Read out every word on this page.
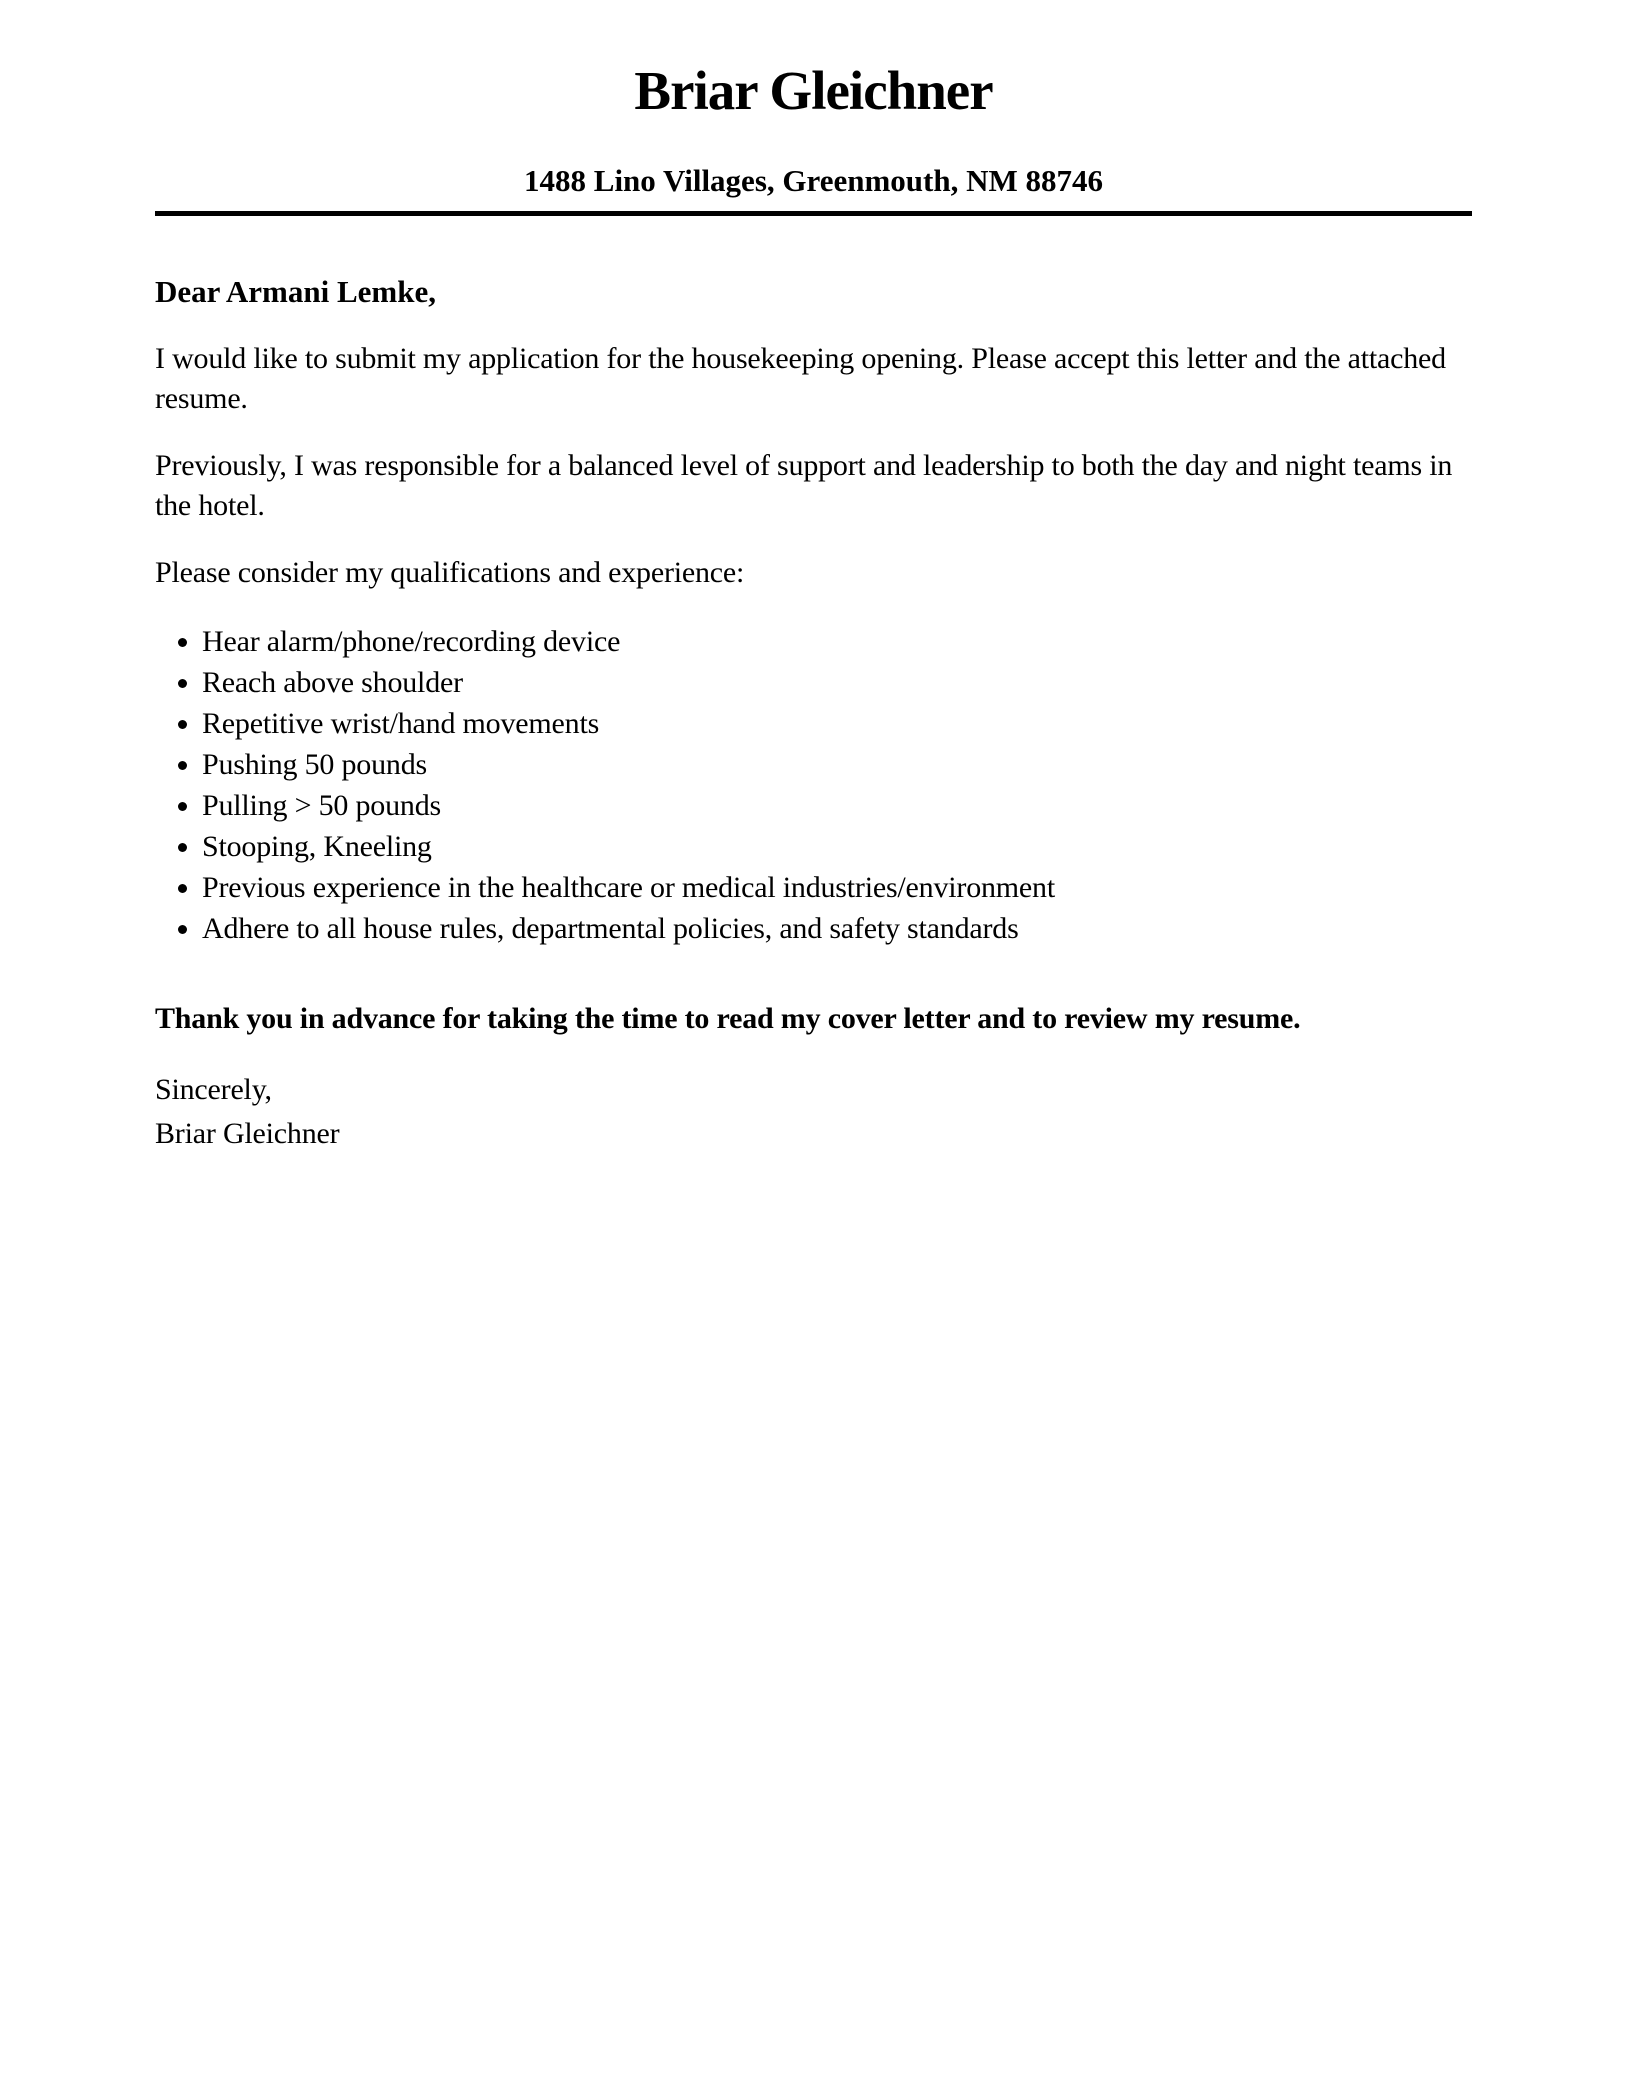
Briar Gleichner
1488 Lino Villages, Greenmouth, NM 88746
Dear Armani Lemke,

I would like to submit my application for the housekeeping opening. Please accept this letter and the attached resume.

Previously, I was responsible for a balanced level of support and leadership to both the day and night teams in the hotel.

Please consider my qualifications and experience:

• Hear alarm/phone/recording device
• Reach above shoulder
• Repetitive wrist/hand movements
• Pushing 50 pounds
• Pulling > 50 pounds
• Stooping, Kneeling
• Previous experience in the healthcare or medical industries/environment
• Adhere to all house rules, departmental policies, and safety standards

Thank you in advance for taking the time to read my cover letter and to review my resume.

Sincerely,
Briar Gleichner
